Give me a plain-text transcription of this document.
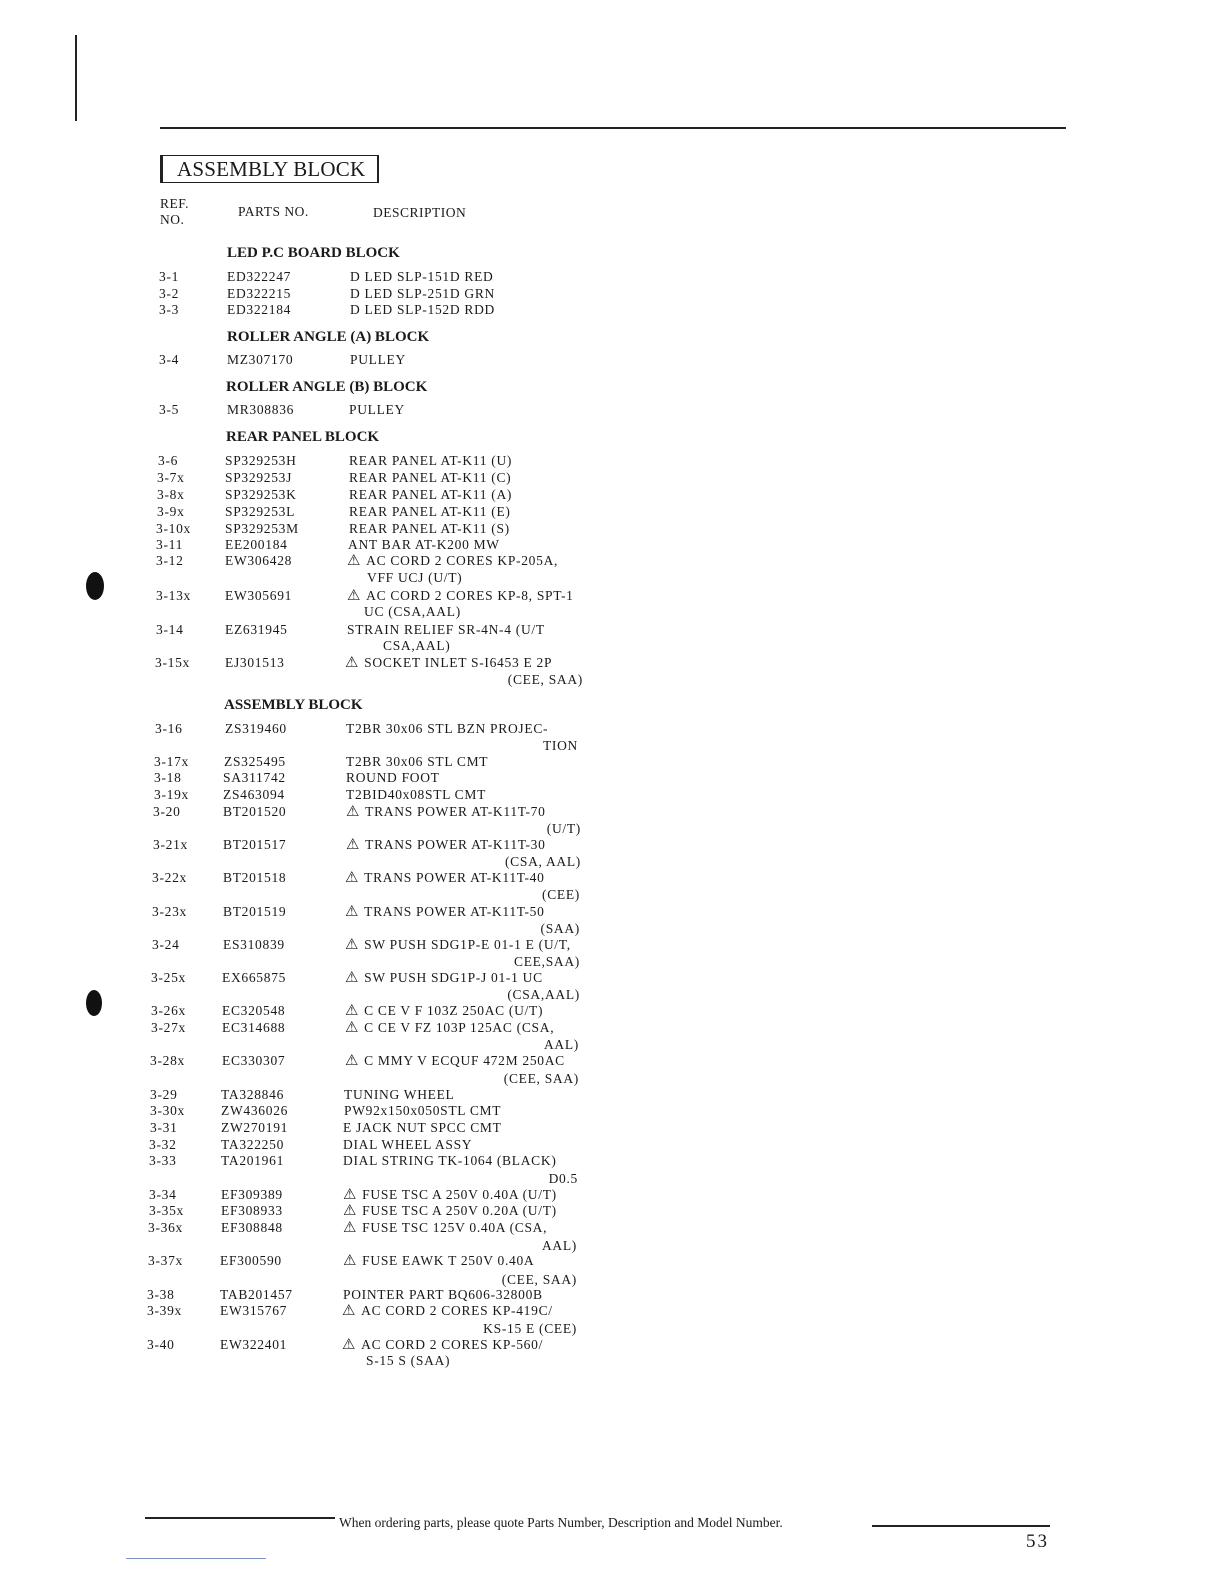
ASSEMBLY BLOCK
REF.
NO.
PARTS NO.	DESCRIPTION
LED P.C BOARD BLOCK
ROLLER ANGLE (A) BLOCK
ROLLER ANGLE (B) BLOCK
REAR PANEL BLOCK
ASSEMBLY BLOCK
3-1	ED322247	D LED SLP-151D RED
3-2	ED322215	D LED SLP-251D GRN
3-3	ED322184	D LED SLP-152D RDD
3-4	MZ307170	PULLEY
3-5	MR308836	PULLEY
3-6	SP329253H	REAR PANEL AT-K11 (U)
3-7x	SP329253J	REAR PANEL AT-K11 (C)
3-8x	SP329253K	REAR PANEL AT-K11 (A)
3-9x	SP329253L	REAR PANEL AT-K11 (E)
3-10x	SP329253M	REAR PANEL AT-K11 (S)
3-11	EE200184	ANT BAR AT-K200 MW
3-12	EW306428	⚠ AC CORD 2 CORES KP-205A,
VFF UCJ (U/T)
3-13x	EW305691	⚠ AC CORD 2 CORES KP-8, SPT-1
UC (CSA,AAL)
3-14	EZ631945	STRAIN RELIEF SR-4N-4 (U/T
CSA,AAL)
3-15x	EJ301513	⚠ SOCKET INLET S-I6453 E 2P
(CEE, SAA)
3-16	ZS319460	T2BR 30x06 STL BZN PROJEC-
TION
3-17x	ZS325495	T2BR 30x06 STL CMT
3-18	SA311742	ROUND FOOT
3-19x	ZS463094	T2BID40x08STL CMT
3-20	BT201520	⚠ TRANS POWER AT-K11T-70
(U/T)
3-21x	BT201517	⚠ TRANS POWER AT-K11T-30
(CSA, AAL)
3-22x	BT201518	⚠ TRANS POWER AT-K11T-40
(CEE)
3-23x	BT201519	⚠ TRANS POWER AT-K11T-50
(SAA)
3-24	ES310839	⚠ SW PUSH SDG1P-E 01-1 E (U/T,
CEE,SAA)
3-25x	EX665875	⚠ SW PUSH SDG1P-J 01-1 UC
(CSA,AAL)
3-26x	EC320548	⚠ C CE V F 103Z 250AC (U/T)
3-27x	EC314688	⚠ C CE V FZ 103P 125AC (CSA,
AAL)
3-28x	EC330307	⚠ C MMY V ECQUF 472M 250AC
(CEE, SAA)
3-29	TA328846	TUNING WHEEL
3-30x	ZW436026	PW92x150x050STL CMT
3-31	ZW270191	E JACK NUT SPCC CMT
3-32	TA322250	DIAL WHEEL ASSY
3-33	TA201961	DIAL STRING TK-1064 (BLACK)
D0.5
3-34	EF309389	⚠ FUSE TSC A 250V 0.40A (U/T)
3-35x	EF308933	⚠ FUSE TSC A 250V 0.20A (U/T)
3-36x	EF308848	⚠ FUSE TSC 125V 0.40A (CSA,
AAL)
3-37x	EF300590	⚠ FUSE EAWK T 250V 0.40A
(CEE, SAA)
3-38	TAB201457	POINTER PART BQ606-32800B
3-39x	EW315767	⚠ AC CORD 2 CORES KP-419C/
KS-15 E (CEE)
3-40	EW322401	⚠ AC CORD 2 CORES KP-560/
S-15 S (SAA)
When ordering parts, please quote Parts Number, Description and Model Number.
53
